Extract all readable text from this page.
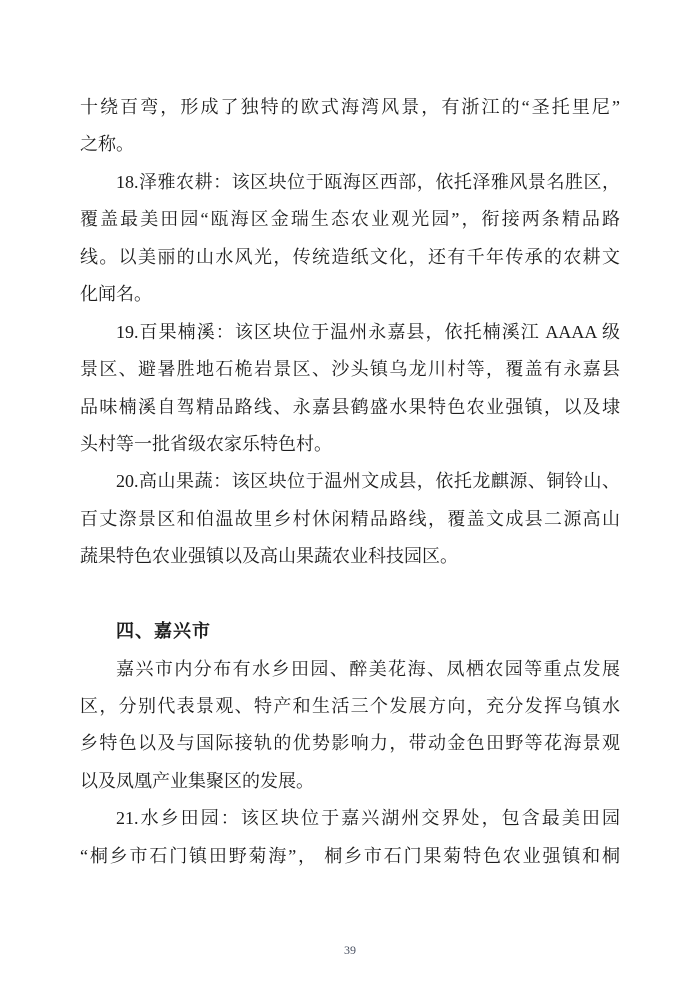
十绕百弯，形成了独特的欧式海湾风景，有浙江的“圣托里尼”
之称。
18.泽雅农耕：该区块位于瓯海区西部，依托泽雅风景名胜区，
覆盖最美田园“瓯海区金瑞生态农业观光园”，衔接两条精品路
线。以美丽的山水风光，传统造纸文化，还有千年传承的农耕文
化闻名。
19.百果楠溪：该区块位于温州永嘉县，依托楠溪江 AAAA 级
景区、避暑胜地石桅岩景区、沙头镇乌龙川村等，覆盖有永嘉县
品味楠溪自驾精品路线、永嘉县鹤盛水果特色农业强镇，以及埭
头村等一批省级农家乐特色村。
20.高山果蔬：该区块位于温州文成县，依托龙麒源、铜铃山、
百丈漈景区和伯温故里乡村休闲精品路线，覆盖文成县二源高山
蔬果特色农业强镇以及高山果蔬农业科技园区。
四、嘉兴市
嘉兴市内分布有水乡田园、醉美花海、凤栖农园等重点发展
区，分别代表景观、特产和生活三个发展方向，充分发挥乌镇水
乡特色以及与国际接轨的优势影响力，带动金色田野等花海景观
以及凤凰产业集聚区的发展。
21.水乡田园：该区块位于嘉兴湖州交界处，包含最美田园
“桐乡市石门镇田野菊海”， 桐乡市石门果菊特色农业强镇和桐
39
